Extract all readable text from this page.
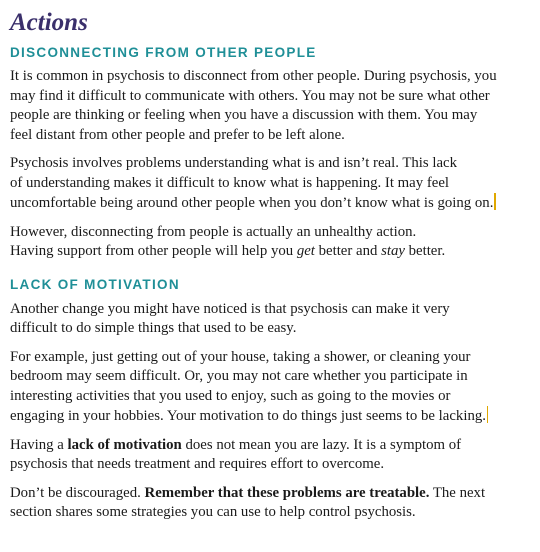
Actions
DISCONNECTING FROM OTHER PEOPLE

It is common in psychosis to disconnect from other people. During psychosis, you
may find it difficult to communicate with others. You may not be sure what other
people are thinking or feeling when you have a discussion with them. You may
feel distant from other people and prefer to be left alone.

Psychosis involves problems understanding what is and isn’t real. This lack
of understanding makes it difficult to know what is happening. It may feel
uncomfortable being around other people when you don’t know what is going on.

However, disconnecting from people is actually an unhealthy action.
Having support from other people will help you get better and stay better.

LACK OF MOTIVATION

Another change you might have noticed is that psychosis can make it very
difficult to do simple things that used to be easy.

For example, just getting out of your house, taking a shower, or cleaning your
bedroom may seem difficult. Or, you may not care whether you participate in
interesting activities that you used to enjoy, such as going to the movies or
engaging in your hobbies. Your motivation to do things just seems to be lacking.

Having a lack of motivation does not mean you are lazy. It is a symptom of
psychosis that needs treatment and requires effort to overcome.

Don’t be discouraged. Remember that these problems are treatable. The next
section shares some strategies you can use to help control psychosis.
